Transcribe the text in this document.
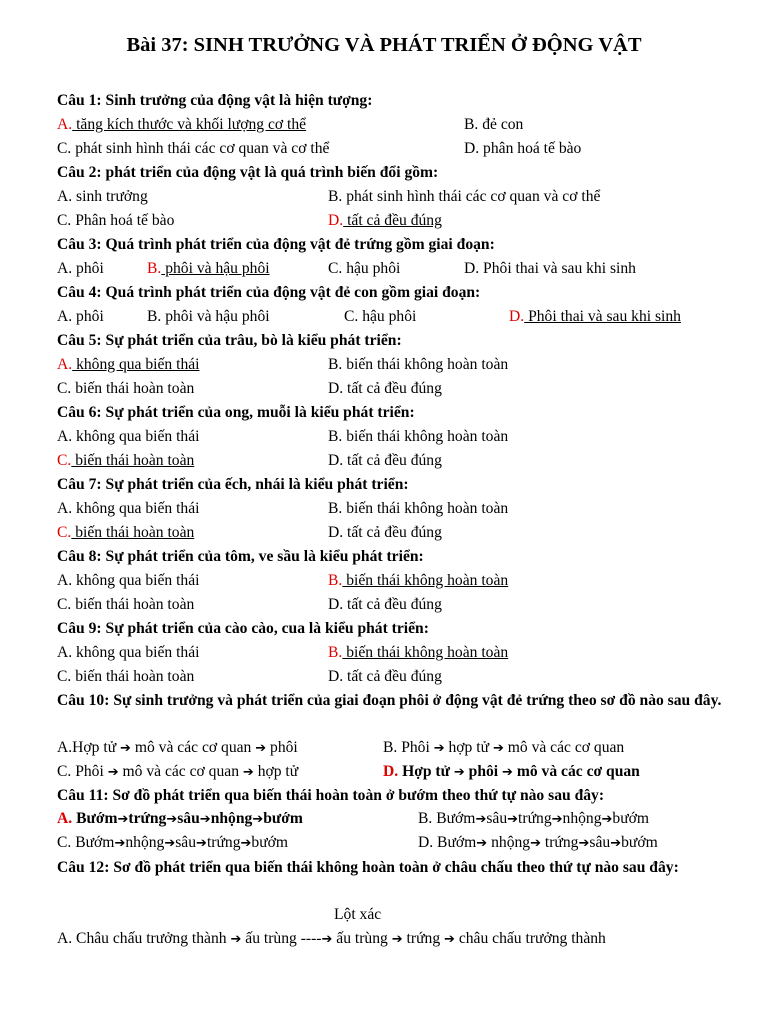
Bài 37: SINH TRƯỞNG VÀ PHÁT TRIỂN Ở ĐỘNG VẬT
Câu 1: Sinh trưởng của động vật là hiện tượng:
A. tăng kích thước và khối lượng cơ thể	B. đẻ con
C. phát sinh hình thái các cơ quan và cơ thể	D. phân hoá tế bào
Câu 2: phát triển của động vật là quá trình biến đổi gồm:
A. sinh trưởng	B. phát sinh hình thái các cơ quan và cơ thể
C. Phân hoá tế bào	D. tất cả đều đúng
Câu 3: Quá trình phát triển của động vật đẻ trứng gồm giai đoạn:
A. phôi	B. phôi và hậu phôi	C. hậu phôi	D. Phôi thai và sau khi sinh
Câu 4: Quá trình phát triển của động vật đẻ con gồm giai đoạn:
A. phôi	B. phôi và hậu phôi	C. hậu phôi	D. Phôi thai và sau khi sinh
Câu 5: Sự phát triển của trâu, bò là kiểu phát triển:
A. không qua biến thái	B. biến thái không hoàn toàn
C. biến thái hoàn toàn	D. tất cả đều đúng
Câu 6: Sự phát triển của ong, muỗi là kiểu phát triển:
A. không qua biến thái	B. biến thái không hoàn toàn
C. biến thái hoàn toàn	D. tất cả đều đúng
Câu 7: Sự phát triển của ếch, nhái là kiểu phát triển:
A. không qua biến thái	B. biến thái không hoàn toàn
C. biến thái hoàn toàn	D. tất cả đều đúng
Câu 8: Sự phát triển của tôm, ve sầu là kiểu phát triển:
A. không qua biến thái	B. biến thái không hoàn toàn
C. biến thái hoàn toàn	D. tất cả đều đúng
Câu 9: Sự phát triển của cào cào, cua là kiểu phát triển:
A. không qua biến thái	B. biến thái không hoàn toàn
C. biến thái hoàn toàn	D. tất cả đều đúng
Câu 10: Sự sinh trưởng và phát triển của giai đoạn phôi ở động vật đẻ trứng theo sơ đồ nào sau đây.
A.Hợp tử ➔ mô và các cơ quan ➔ phôi	B. Phôi ➔ hợp tử ➔ mô và các cơ quan
C. Phôi ➔ mô và các cơ quan ➔ hợp tử	D. Hợp tử ➔ phôi ➔ mô và các cơ quan
Câu 11: Sơ đồ phát triển qua biến thái hoàn toàn ở bướm theo thứ tự nào sau đây:
A. Bướm➔trứng➔sâu➔nhộng➔bướm	B. Bướm➔sâu➔trứng➔nhộng➔bướm
C. Bướm➔nhộng➔sâu➔trứng➔bướm	D. Bướm➔ nhộng➔ trứng➔sâu➔bướm
Câu 12: Sơ đồ phát triển qua biến thái không hoàn toàn ở châu chấu theo thứ tự nào sau đây:
Lột xác
A. Châu chấu trưởng thành ➔ ấu trùng ----➔ ấu trùng ➔ trứng ➔ châu chấu trưởng thành
